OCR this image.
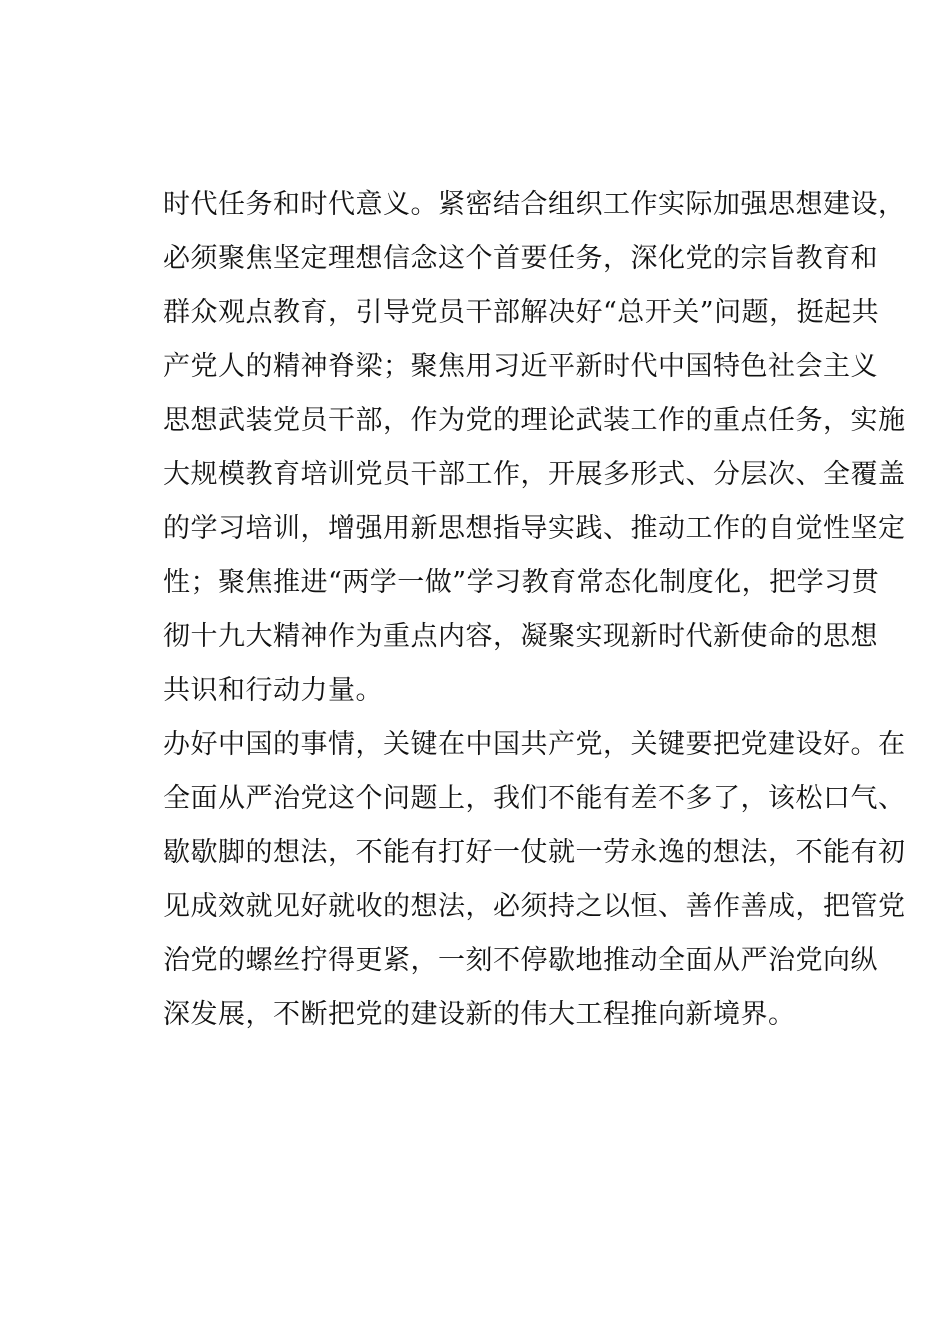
时代任务和时代意义。紧密结合组织工作实际加强思想建设，
必须聚焦坚定理想信念这个首要任务，深化党的宗旨教育和
群众观点教育，引导党员干部解决好“总开关”问题，挺起共
产党人的精神脊梁；聚焦用习近平新时代中国特色社会主义
思想武装党员干部，作为党的理论武装工作的重点任务，实施
大规模教育培训党员干部工作，开展多形式、分层次、全覆盖
的学习培训，增强用新思想指导实践、推动工作的自觉性坚定
性；聚焦推进“两学一做”学习教育常态化制度化，把学习贯
彻十九大精神作为重点内容，凝聚实现新时代新使命的思想
共识和行动力量。
办好中国的事情，关键在中国共产党，关键要把党建设好。在
全面从严治党这个问题上，我们不能有差不多了，该松口气、
歇歇脚的想法，不能有打好一仗就一劳永逸的想法，不能有初
见成效就见好就收的想法，必须持之以恒、善作善成，把管党
治党的螺丝拧得更紧，一刻不停歇地推动全面从严治党向纵
深发展，不断把党的建设新的伟大工程推向新境界。
